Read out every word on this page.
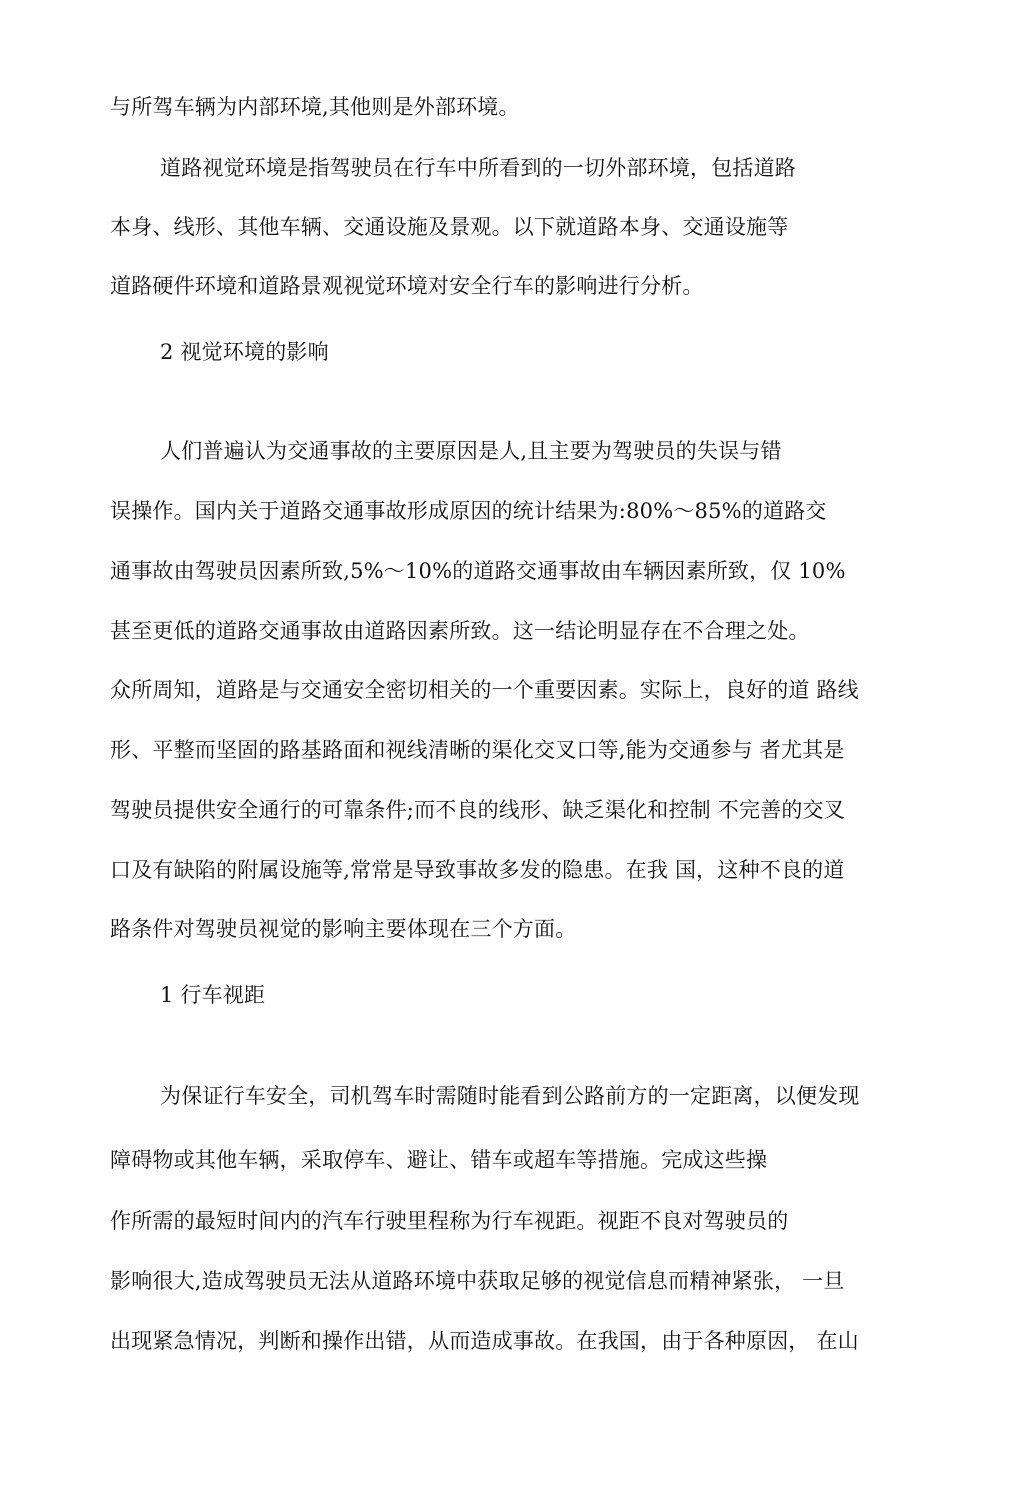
与所驾车辆为内部环境,其他则是外部环境。
道路视觉环境是指驾驶员在行车中所看到的一切外部环境，包括道路
本身、线形、其他车辆、交通设施及景观。以下就道路本身、交通设施等
道路硬件环境和道路景观视觉环境对安全行车的影响进行分析。
2 视觉环境的影响
人们普遍认为交通事故的主要原因是人,且主要为驾驶员的失误与错
误操作。国内关于道路交通事故形成原因的统计结果为:80%～85%的道路交
通事故由驾驶员因素所致,5%～10%的道路交通事故由车辆因素所致，仅 10%
甚至更低的道路交通事故由道路因素所致。这一结论明显存在不合理之处。
众所周知，道路是与交通安全密切相关的一个重要因素。实际上，良好的道 路线
形、平整而坚固的路基路面和视线清晰的渠化交叉口等,能为交通参与 者尤其是
驾驶员提供安全通行的可靠条件;而不良的线形、缺乏渠化和控制 不完善的交叉
口及有缺陷的附属设施等,常常是导致事故多发的隐患。在我 国，这种不良的道
路条件对驾驶员视觉的影响主要体现在三个方面。
1 行车视距
为保证行车安全，司机驾车时需随时能看到公路前方的一定距离，以便发现
障碍物或其他车辆，采取停车、避让、错车或超车等措施。完成这些操
作所需的最短时间内的汽车行驶里程称为行车视距。视距不良对驾驶员的
影响很大,造成驾驶员无法从道路环境中获取足够的视觉信息而精神紧张， 一旦
出现紧急情况，判断和操作出错，从而造成事故。在我国，由于各种原因， 在山
